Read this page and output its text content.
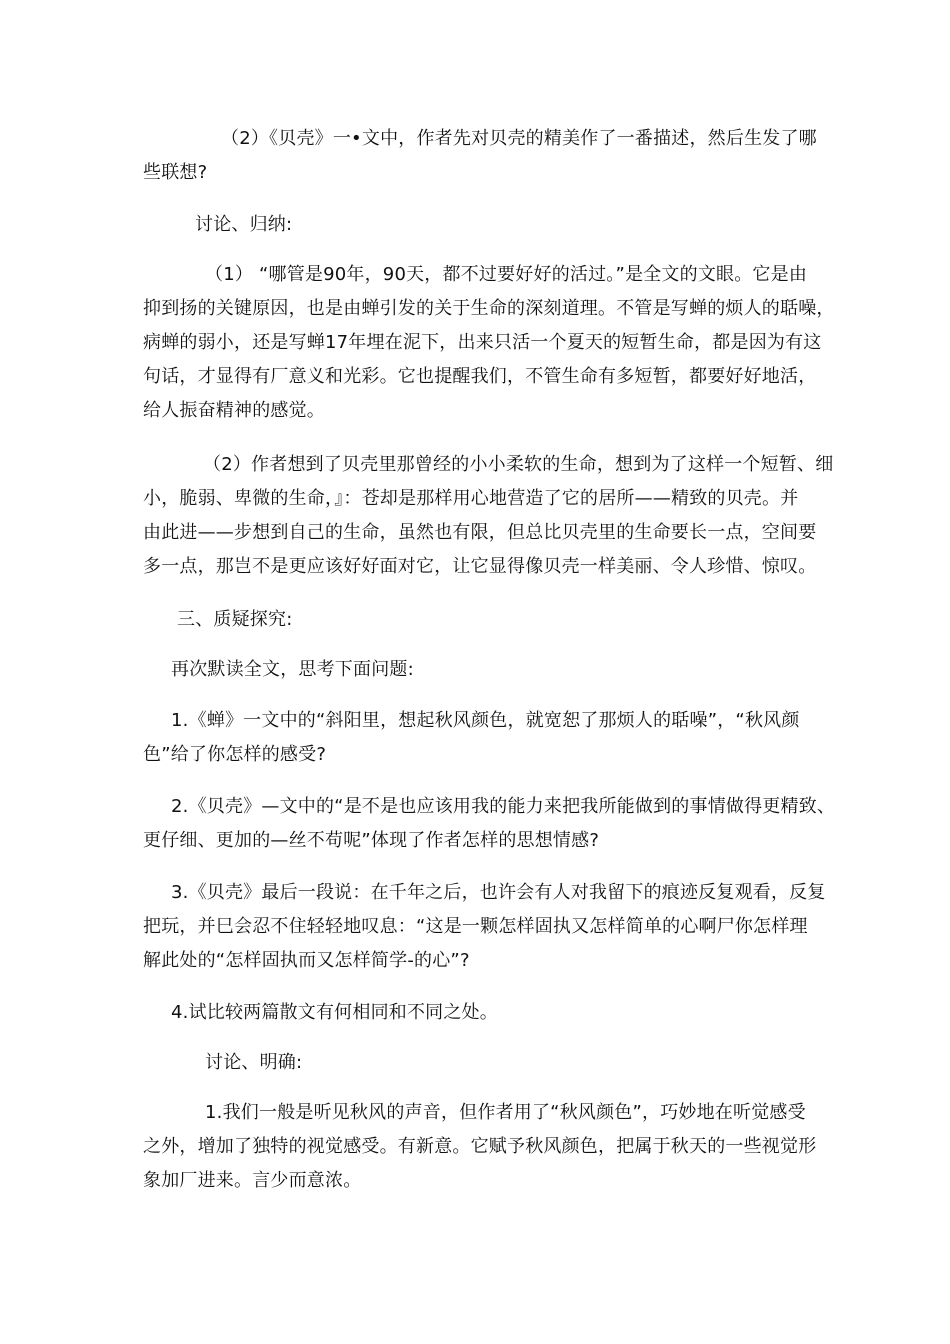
（2）《贝壳》一•文中，作者先对贝壳的精美作了一番描述，然后生发了哪
些联想?
讨论、归纳:
（1） “哪管是90年，90天，都不过要好好的活过。”是全文的文眼。它是由
抑到扬的关键原因，也是由蝉引发的关于生命的深刻道理。不管是写蝉的烦人的聒噪，
病蝉的弱小，还是写蝉17年埋在泥下，出来只活一个夏天的短暂生命，都是因为有这
句话，才显得有厂意义和光彩。它也提醒我们，不管生命有多短暂，都要好好地活，
给人振奋精神的感觉。
（2）作者想到了贝壳里那曾经的小小柔软的生命，想到为了这样一个短暂、细
小，脆弱、卑微的生命，』：苍却是那样用心地营造了它的居所——精致的贝壳。并
由此进——步想到自己的生命，虽然也有限，但总比贝壳里的生命要长一点，空间要
多一点，那岂不是更应该好好面对它，让它显得像贝壳一样美丽、令人珍惜、惊叹。
三、质疑探究:
再次默读全文，思考下面问题:
1.《蝉》一文中的“斜阳里，想起秋风颜色，就宽恕了那烦人的聒噪”，“秋风颜
色”给了你怎样的感受?
2.《贝壳》—文中的“是不是也应该用我的能力来把我所能做到的事情做得更精致、
更仔细、更加的—丝不苟呢”体现了作者怎样的思想情感?
3.《贝壳》最后一段说：在千年之后，也许会有人对我留下的痕迹反复观看，反复
把玩，并巳会忍不住轻轻地叹息：“这是一颗怎样固执又怎样简单的心啊尸你怎样理
解此处的“怎样固执而又怎样简学-的心”?
4.试比较两篇散文有何相同和不同之处。
讨论、明确:
1.我们一般是听见秋风的声音，但作者用了“秋风颜色”，巧妙地在听觉感受
之外，增加了独特的视觉感受。有新意。它赋予秋风颜色，把属于秋天的一些视觉形
象加厂进来。言少而意浓。
